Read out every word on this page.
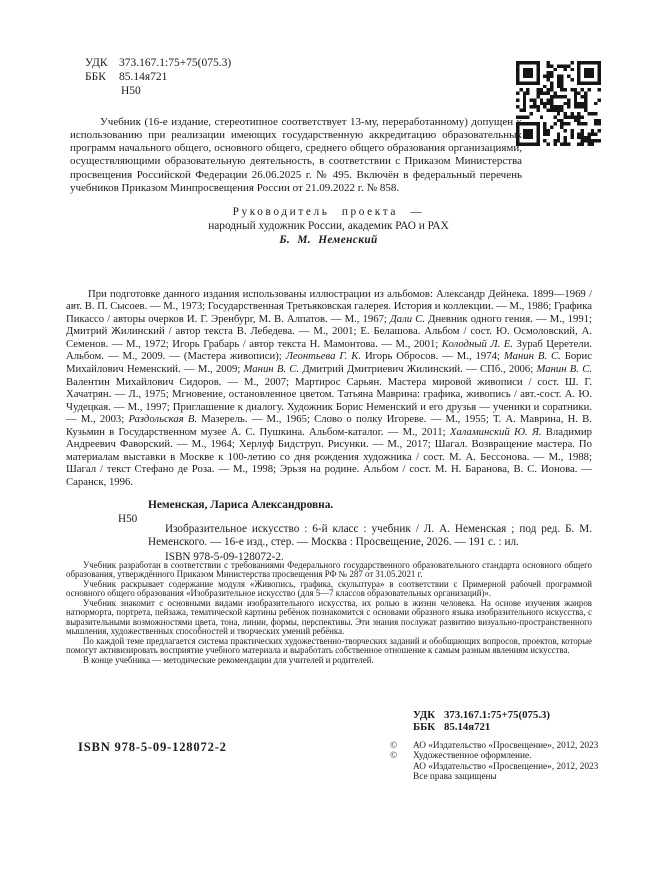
УДК 373.167.1:75+75(075.3)
ББК 85.14я721
Н50

Учебник (16-е издание, стереотипное соответствует 13-му, переработанному) допущен к использованию при реализации имеющих государственную аккредитацию образовательных программ начального общего, основного общего, среднего общего образования организациями, осуществляющими образовательную деятельность, в соответствии с Приказом Министерства просвещения Российской Федерации 26.06.2025 г. № 495. Включён в федеральный перечень учебников Приказом Минпросвещения России от 21.09.2022 г. № 858.

Руководитель проекта —
народный художник России, академик РАО и РАХ
Б. М. Неменский

При подготовке данного издания использованы иллюстрации из альбомов: Александр Дейнека. 1899—1969 / авт. В. П. Сысоев. — М., 1973; Государственная Третьяковская галерея. История и коллекции. — М., 1986; Графика Пикассо / авторы очерков И. Г. Эренбург, М. В. Алпатов. — М., 1967; Дали С. Дневник одного гения. — М., 1991; Дмитрий Жилинский / автор текста В. Лебедева. — М., 2001; Е. Белашова. Альбом / сост. Ю. Осмоловский, А. Семенов. — М., 1972; Игорь Грабарь / автор текста Н. Мамонтова. — М., 2001; Колодный Л. Е. Зураб Церетели. Альбом. — М., 2009. — (Мастера живописи); Леонтьева Г. К. Игорь Обросов. — М., 1974; Манин В. С. Борис Михайлович Неменский. — М., 2009; Манин В. С. Дмитрий Дмитриевич Жилинский. — СПб., 2006; Манин В. С. Валентин Михайлович Сидоров. — М., 2007; Мартирос Сарьян. Мастера мировой живописи / сост. Ш. Г. Хачатрян. — Л., 1975; Мгновение, остановленное цветом. Татьяна Маврина: графика, живопись / авт.-сост. А. Ю. Чудецкая. — М., 1997; Приглашение к диалогу. Художник Борис Неменский и его друзья — ученики и соратники. — М., 2003; Раздольская В. Мазерель. — М., 1965; Слово о полку Игореве. — М., 1955; Т. А. Маврина, Н. В. Кузьмин в Государственном музее А. С. Пушкина. Альбом-каталог. — М., 2011; Халаминский Ю. Я. Владимир Андреевич Фаворский. — М., 1964; Херлуф Бидструп. Рисунки. — М., 2017; Шагал. Возвращение мастера. По материалам выставки в Москве к 100-летию со дня рождения художника / сост. М. А. Бессонова. — М., 1988; Шагал / текст Стефано де Роза. — М., 1998; Эрьзя на родине. Альбом / сост. М. Н. Баранова, В. С. Ионова. — Саранск, 1996.

Неменская, Лариса Александровна.
Н50

Изобразительное искусство : 6-й класс : учебник / Л. А. Неменская ; под ред. Б. М. Неменского. — 16-е изд., стер. — Москва : Просвещение, 2026. — 191 с. : ил.

ISBN 978-5-09-128072-2.

Учебник разработан в соответствии с требованиями Федерального государственного образовательного стандарта основного общего образования, утверждённого Приказом Министерства просвещения РФ № 287 от 31.05.2021 г.

Учебник раскрывает содержание модуля «Живопись, графика, скульптура» в соответствии с Примерной рабочей программой основного общего образования «Изобразительное искусство (для 5—7 классов образовательных организаций)».

Учебник знакомит с основными видами изобразительного искусства, их ролью в жизни человека. На основе изучения жанров натюрморта, портрета, пейзажа, тематической картины ребёнок познакомится с основами образного языка изобразительного искусства, с выразительными возможностями цвета, тона, линии, формы, перспективы. Эти знания послужат развитию визуально-пространственного мышления, художественных способностей и творческих умений ребёнка.

По каждой теме предлагается система практических художественно-творческих заданий и обобщающих вопросов, проектов, которые помогут активизировать восприятие учебного материала и выработать собственное отношение к самым разным явлениям искусства.

В конце учебника — методические рекомендации для учителей и родителей.

УДК 373.167.1:75+75(075.3)
ББК 85.14я721
ISBN 978-5-09-128072-2	©	АО «Издательство «Просвещение», 2012, 2023
©	Художественное оформление.
АО «Издательство «Просвещение», 2012, 2023
Все права защищены
